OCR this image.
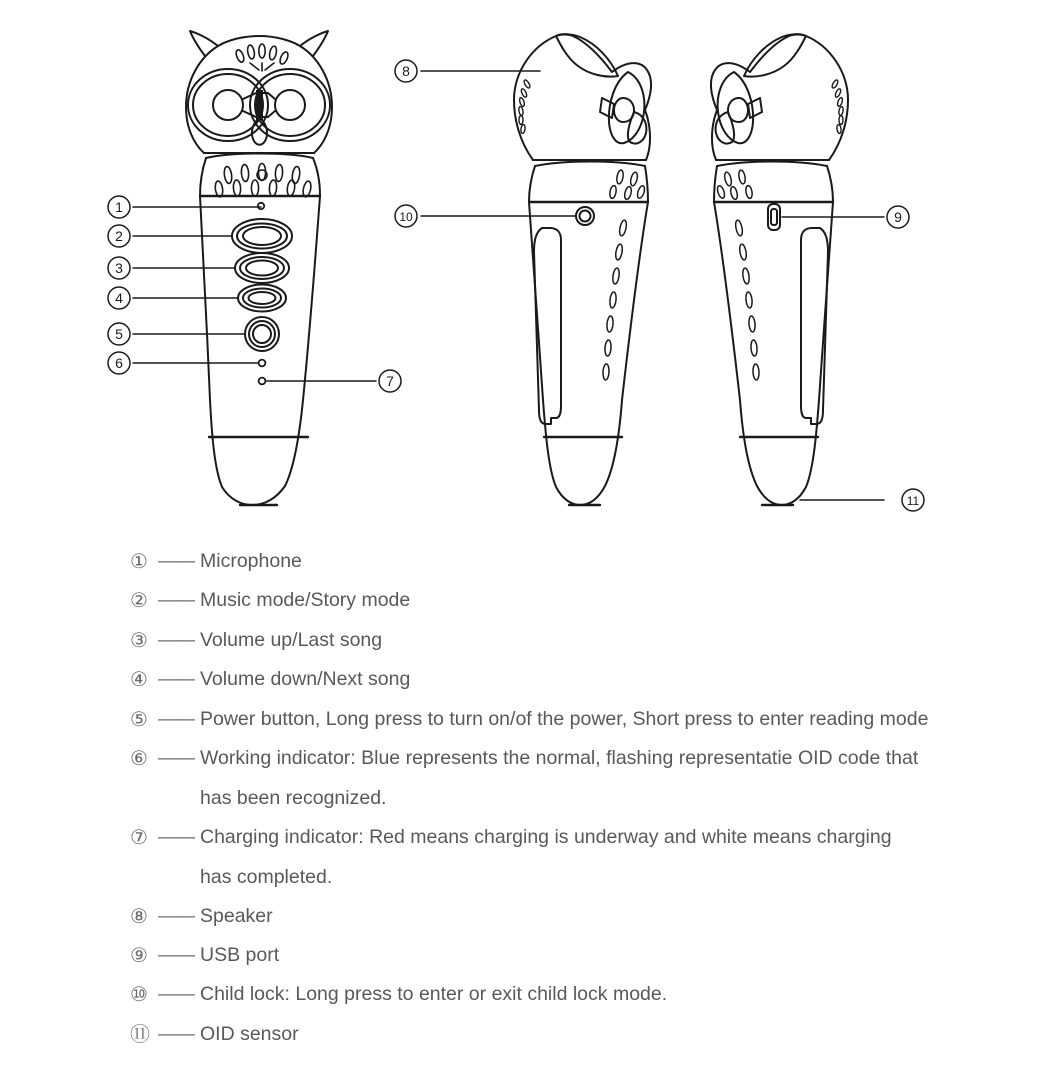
1
2
3
4
5
6
7
8
9
10
11
① —— Microphone
② —— Music mode/Story mode
③ —— Volume up/Last song
④ —— Volume down/Next song
⑤ —— Power button, Long press to turn on/of the power, Short press to enter reading mode
⑥ —— Working indicator: Blue represents the normal, flashing representatie OID code that
has been recognized.
⑦ —— Charging indicator: Red means charging is underway and white means charging
has completed.
⑧ —— Speaker
⑨ —— USB port
⑩ —— Child lock: Long press to enter or exit child lock mode.
⑪ —— OID sensor
